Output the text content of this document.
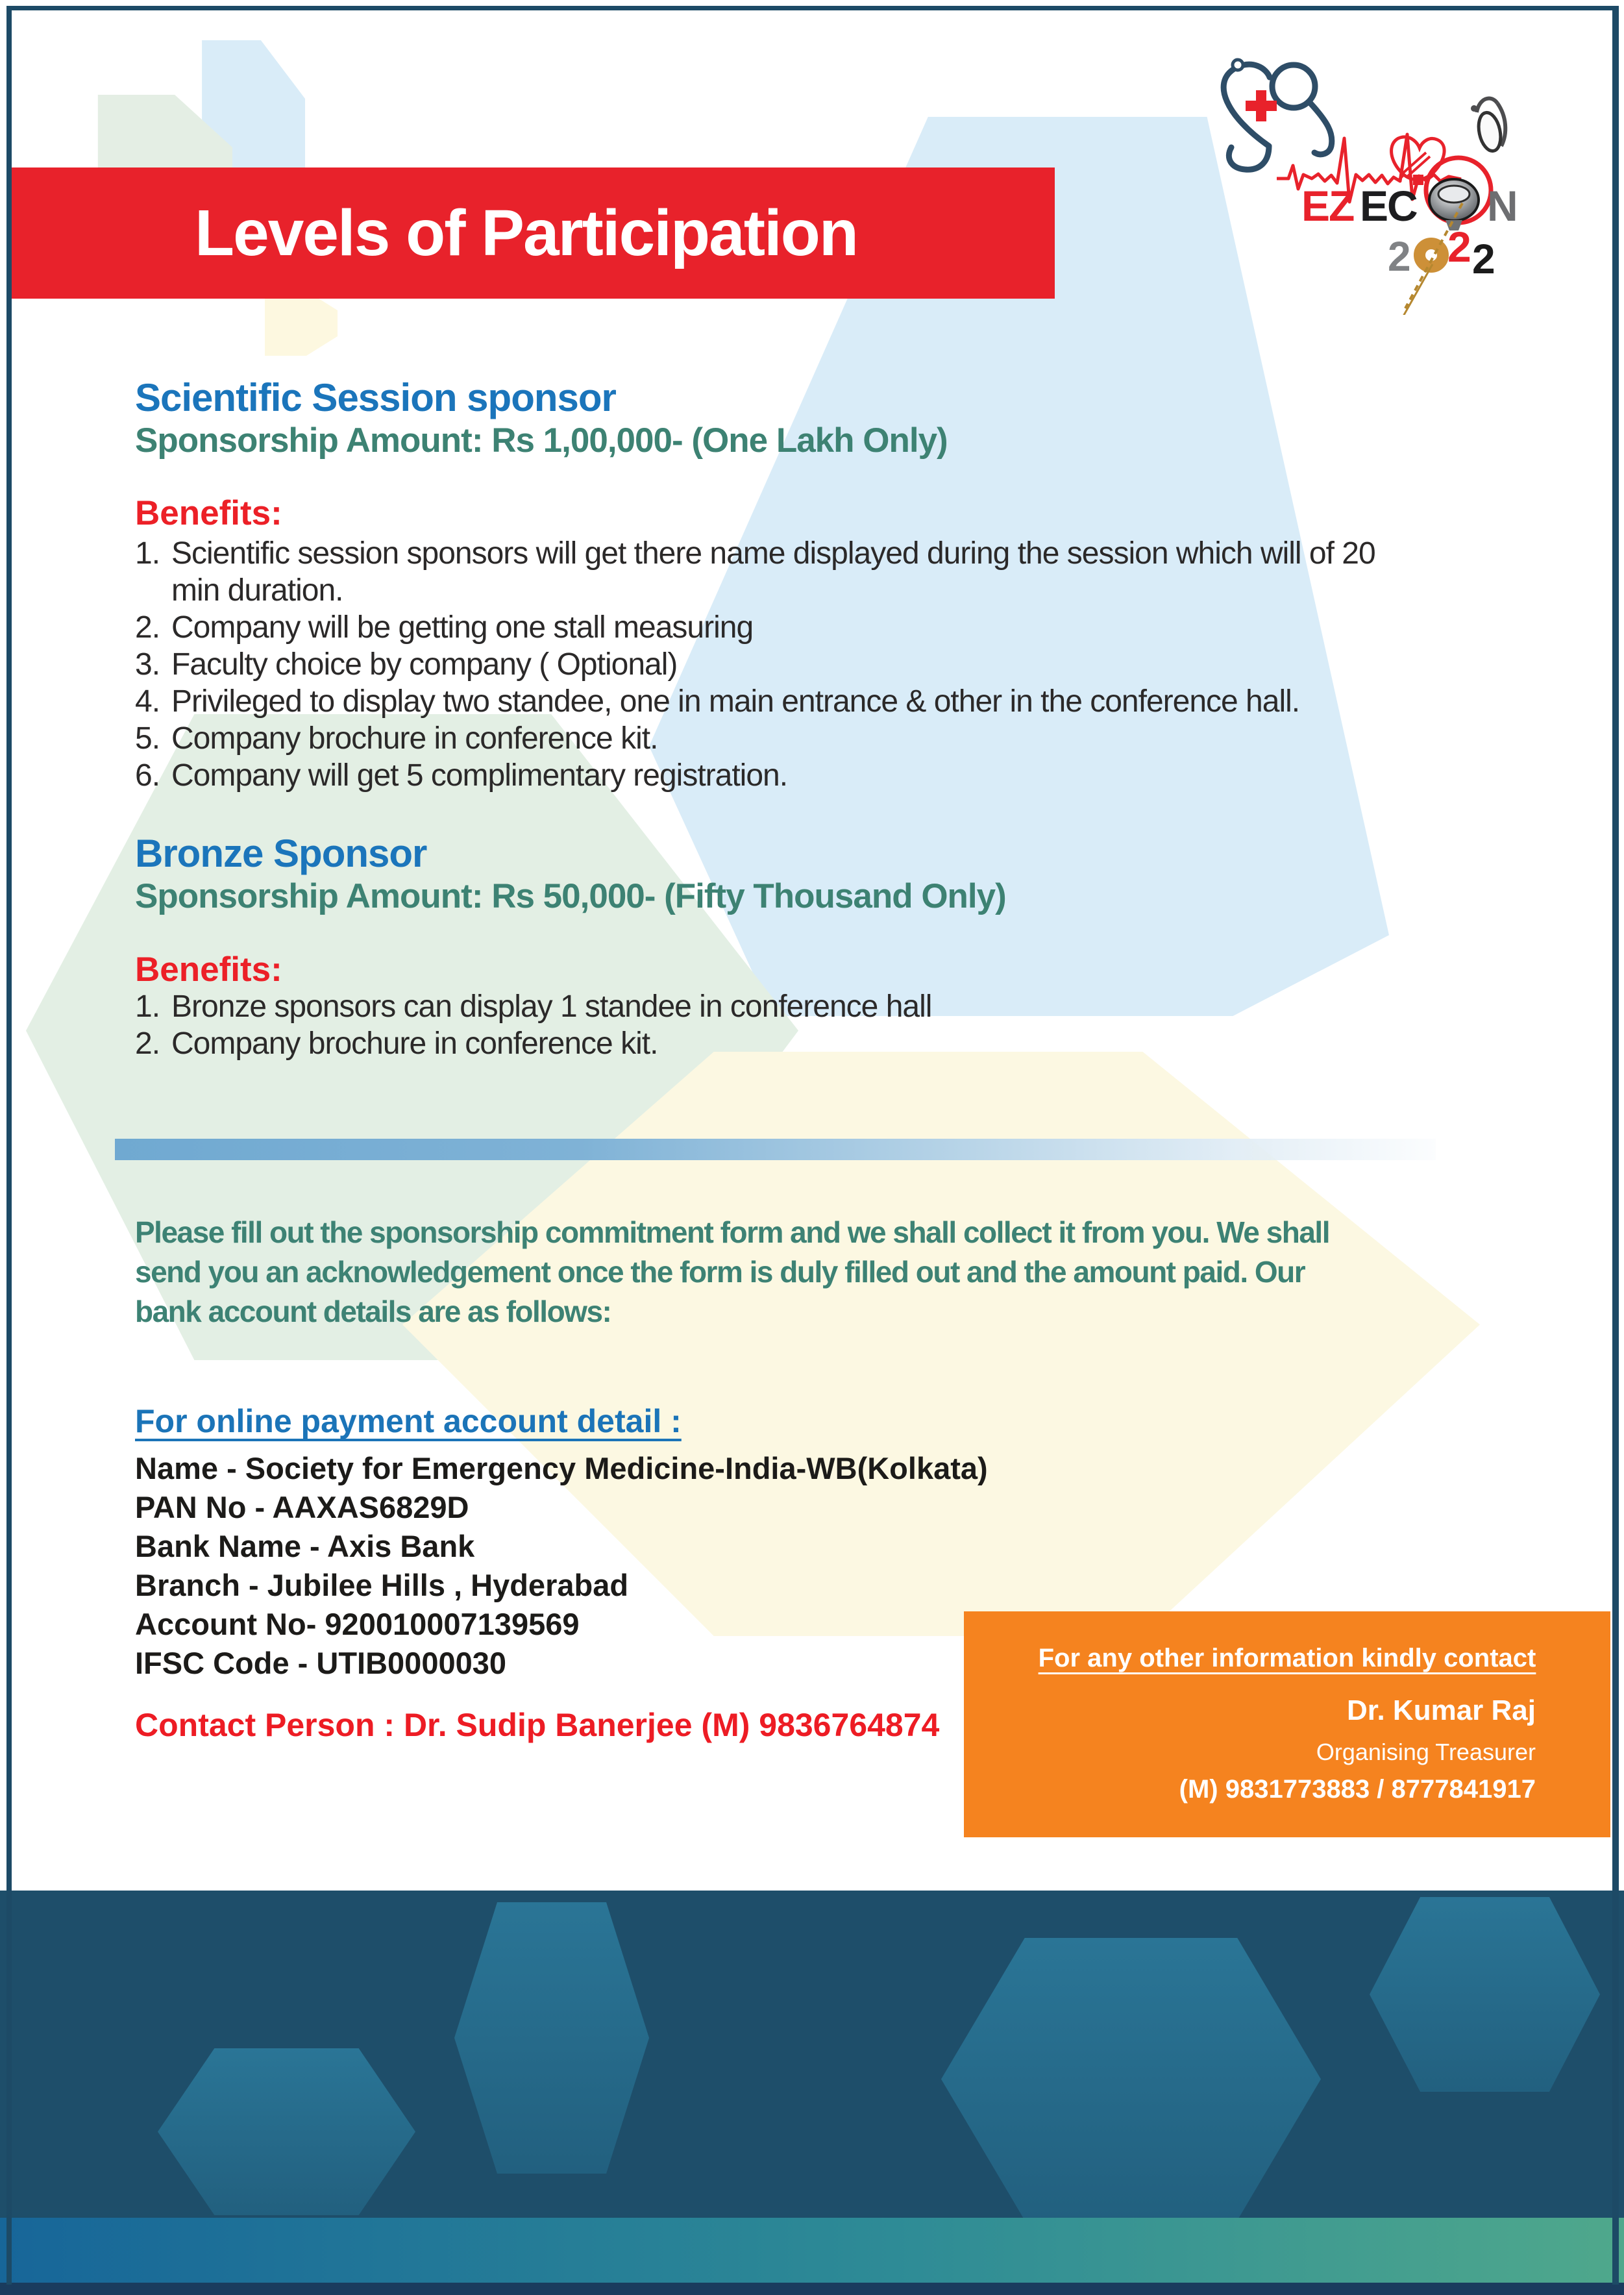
Levels of Participation	EZ EC N
2 2 2
Scientific Session sponsor
Sponsorship Amount: Rs 1,00,000- (One Lakh Only)
Benefits:
Scientific session sponsors will get there name displayed during the session which will of 20 min duration.
Company will be getting one stall measuring
Faculty choice by company ( Optional)
Privileged to display two standee, one in main entrance & other in the conference hall.
Company brochure in conference kit.
Company will get 5 complimentary registration.
Bronze Sponsor
Sponsorship Amount: Rs 50,000- (Fifty Thousand Only)
Benefits:
Bronze sponsors can display 1 standee in conference hall
Company brochure in conference kit.
Please fill out the sponsorship commitment form and we shall collect it from you. We shall send you an acknowledgement once the form is duly filled out and the amount paid. Our bank account details are as follows:
For online payment account detail :
Name - Society for Emergency Medicine-India-WB(Kolkata)
PAN No - AAXAS6829D
Bank Name - Axis Bank
Branch - Jubilee Hills , Hyderabad
Account No- 920010007139569
IFSC Code - UTIB0000030
Contact Person : Dr. Sudip Banerjee (M) 9836764874
For any other information kindly contact
Dr. Kumar Raj
Organising Treasurer
(M) 9831773883 / 8777841917
